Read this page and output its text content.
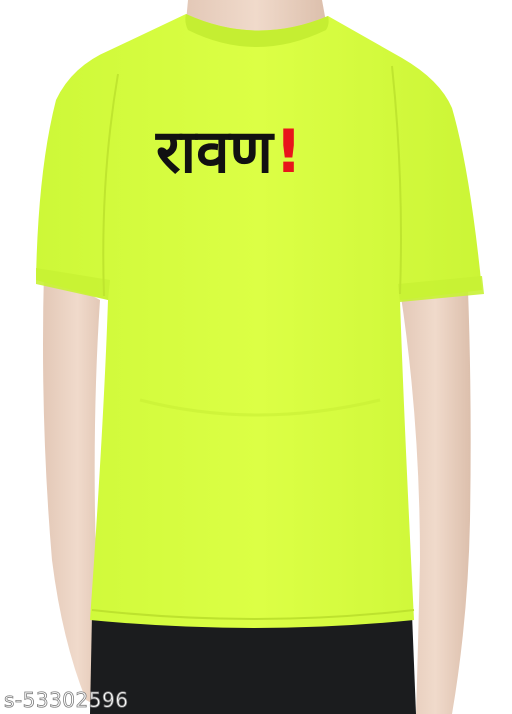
रावण!
s-53302596
